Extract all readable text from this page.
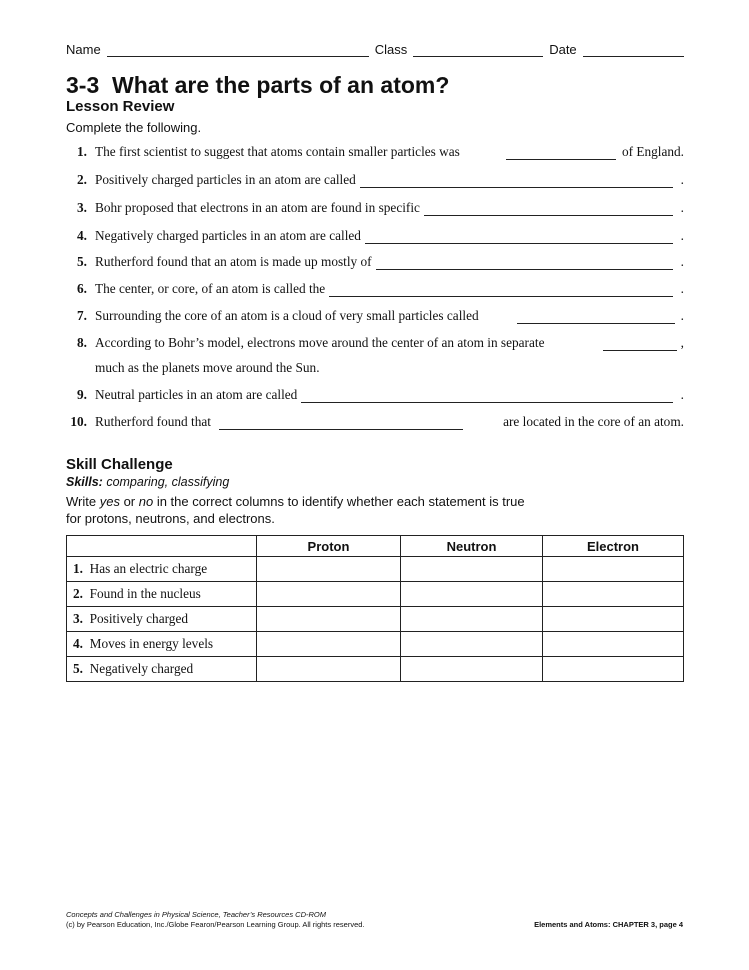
Name	Class	Date
3-3  What are the parts of an atom?
Lesson Review
Complete the following.
1. The first scientist to suggest that atoms contain smaller particles was	of England.
2. Positively charged particles in an atom are called	.
3. Bohr proposed that electrons in an atom are found in specific	.
4. Negatively charged particles in an atom are called	.
5. Rutherford found that an atom is made up mostly of	.
6. The center, or core, of an atom is called the	.
7. Surrounding the core of an atom is a cloud of very small particles called	.
8. According to Bohr’s model, electrons move around the center of an atom in separate	,
much as the planets move around the Sun.
9. Neutral particles in an atom are called	.
10. Rutherford found that	are located in the core of an atom.
Skill Challenge
Skills: comparing, classifying
Write yes or no in the correct columns to identify whether each statement is true
for protons, neutrons, and electrons.
	Proton	Neutron	Electron
1. Has an electric charge			
2. Found in the nucleus			
3. Positively charged			
4. Moves in energy levels			
5. Negatively charged			
Concepts and Challenges in Physical Science, Teacher’s Resources CD-ROM
(c) by Pearson Education, Inc./Globe Fearon/Pearson Learning Group. All rights reserved.	Elements and Atoms: CHAPTER 3, page 4
